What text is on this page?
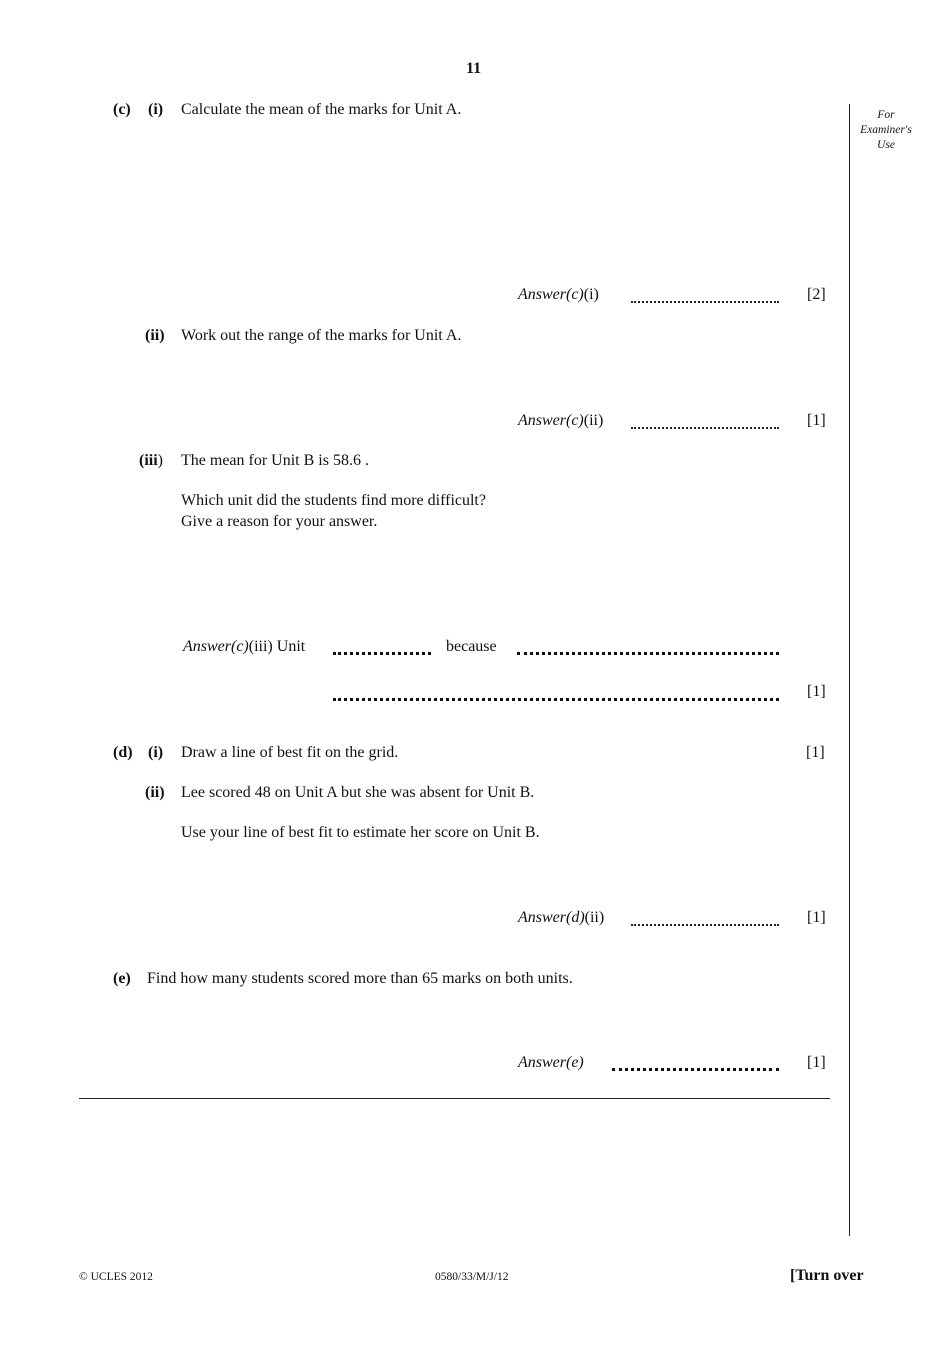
11
For
Examiner's
Use
(c) (i) Calculate the mean of the marks for Unit A.
Answer(c)(i)	[2]
(ii) Work out the range of the marks for Unit A.
Answer(c)(ii)	[1]
(iii) The mean for Unit B is 58.6 .
Which unit did the students find more difficult?
Give a reason for your answer.
Answer(c)(iii) Unit	because
[1]
(d) (i) Draw a line of best fit on the grid.	[1]
(ii) Lee scored 48 on Unit A but she was absent for Unit B.
Use your line of best fit to estimate her score on Unit B.
Answer(d)(ii)	[1]
(e) Find how many students scored more than 65 marks on both units.
Answer(e)	[1]
© UCLES 2012	0580/33/M/J/12	[Turn over
